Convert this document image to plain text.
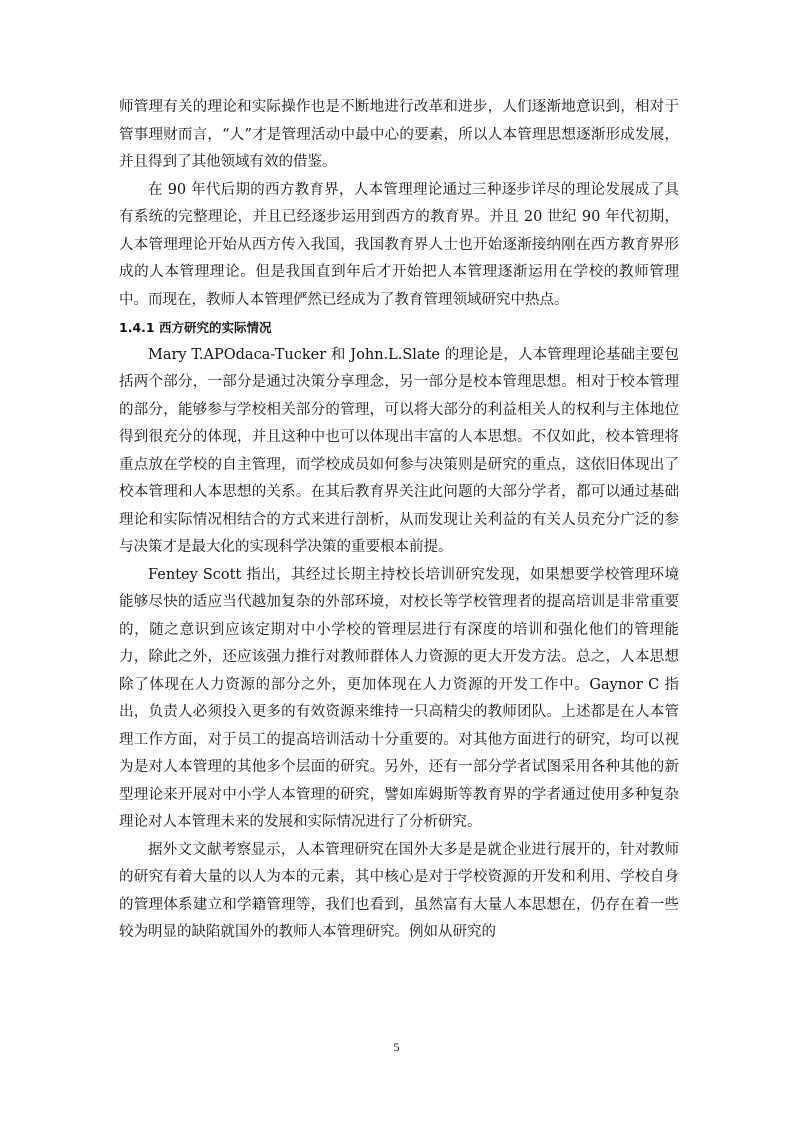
师管理有关的理论和实际操作也是不断地进行改革和进步，人们逐渐地意识到，相对于管事理财而言，“人”才是管理活动中最中心的要素，所以人本管理思想逐渐形成发展，并且得到了其他领域有效的借鉴。

在 90 年代后期的西方教育界，人本管理理论通过三种逐步详尽的理论发展成了具有系统的完整理论，并且已经逐步运用到西方的教育界。并且 20 世纪 90 年代初期，人本管理理论开始从西方传入我国，我国教育界人士也开始逐渐接纳刚在西方教育界形成的人本管理理论。但是我国直到年后才开始把人本管理逐渐运用在学校的教师管理中。而现在，教师人本管理俨然已经成为了教育管理领域研究中热点。

1.4.1 西方研究的实际情况

Mary T.APOdaca-Tucker 和 John.L.Slate 的理论是，人本管理理论基础主要包括两个部分，一部分是通过决策分享理念，另一部分是校本管理思想。相对于校本管理的部分，能够参与学校相关部分的管理，可以将大部分的利益相关人的权利与主体地位得到很充分的体现，并且这种中也可以体现出丰富的人本思想。不仅如此，校本管理将重点放在学校的自主管理，而学校成员如何参与决策则是研究的重点，这依旧体现出了校本管理和人本思想的关系。在其后教育界关注此问题的大部分学者，都可以通过基础理论和实际情况相结合的方式来进行剖析，从而发现让关利益的有关人员充分广泛的参与决策才是最大化的实现科学决策的重要根本前提。

Fentey Scott 指出，其经过长期主持校长培训研究发现，如果想要学校管理环境能够尽快的适应当代越加复杂的外部环境，对校长等学校管理者的提高培训是非常重要的，随之意识到应该定期对中小学校的管理层进行有深度的培训和强化他们的管理能力，除此之外，还应该强力推行对教师群体人力资源的更大开发方法。总之，人本思想除了体现在人力资源的部分之外，更加体现在人力资源的开发工作中。Gaynor C 指出，负责人必须投入更多的有效资源来维持一只高精尖的教师团队。上述都是在人本管理工作方面，对于员工的提高培训活动十分重要的。对其他方面进行的研究，均可以视为是对人本管理的其他多个层面的研究。另外，还有一部分学者试图采用各种其他的新型理论来开展对中小学人本管理的研究，譬如库姆斯等教育界的学者通过使用多种复杂理论对人本管理未来的发展和实际情况进行了分析研究。

据外文文献考察显示，人本管理研究在国外大多是是就企业进行展开的，针对教师的研究有着大量的以人为本的元素，其中核心是对于学校资源的开发和利用、学校自身的管理体系建立和学籍管理等，我们也看到，虽然富有大量人本思想在，仍存在着一些较为明显的缺陷就国外的教师人本管理研究。例如从研究的

5
